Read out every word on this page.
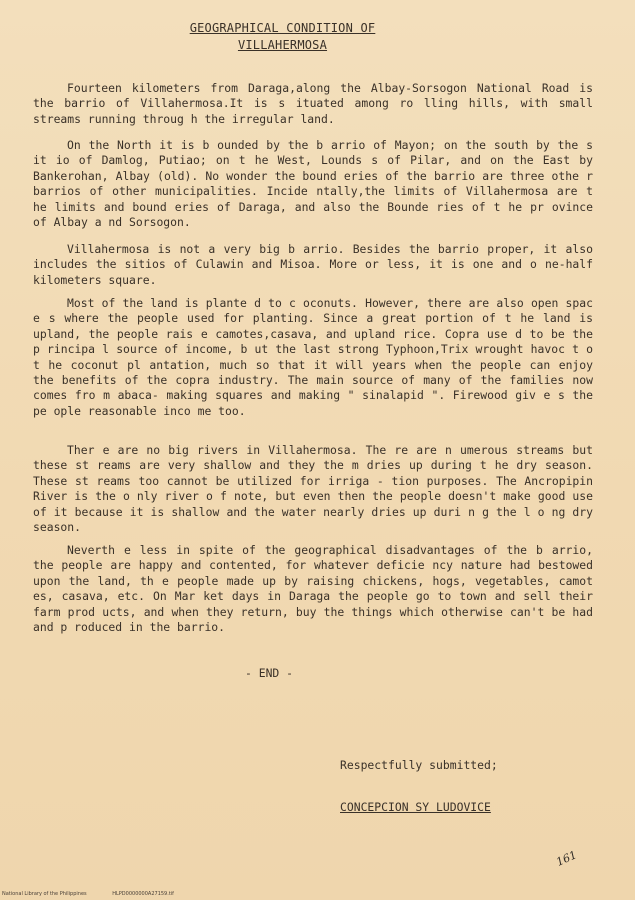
GEOGRAPHICAL CONDITION OF
VILLAHERMOSA

Fourteen kilometers from Daraga,along the Albay-Sorsogon National Road is the barrio of Villahermosa.It is s ituated among ro lling hills, with small streams running throug h the irregular land.

On the North it is b ounded by the b arrio of Mayon; on the south by the s it io of Damlog, Putiao; on t he West, Lounds s of Pilar, and on the East by Bankerohan, Albay (old). No wonder the bound eries of the barrio are three othe r barrios of other municipalities. Incide ntally,the limits of Villahermosa are t he limits and bound eries of Daraga, and also the Bounde ries of t he pr ovince of Albay a nd Sorsogon.

Villahermosa is not a very big b arrio. Besides the barrio proper, it also includes the sitios of Culawin and Misoa. More or less, it is one and o ne-half kilometers square.

Most of the land is plante d to c oconuts. However, there are also open spac e s where the people used for planting. Since a great portion of t he land is upland, the people rais e camotes,casava, and upland rice. Copra use d to be the p rincipa l source of income, b ut the last strong Typhoon,Trix wrought havoc t o t he coconut pl antation, much so that it will years when the people can enjoy the benefits of the copra industry. The main source of many of the families now comes fro m abaca- making squares and making " sinalapid ". Firewood giv e s the pe ople reasonable inco me too.

Ther e are no big rivers in Villahermosa. The re are n umerous streams but these st reams are very shallow and they the m dries up during t he dry season. These st reams too cannot be utilized for irriga - tion purposes. The Ancropipin River is the o nly river o f note, but even then the people doesn't make good use of it because it is shallow and the water nearly dries up duri n g the l o ng dry season.

Neverth e less in spite of the geographical disadvantages of the b arrio, the people are happy and contented, for whatever deficie ncy nature had bestowed upon the land, th e people made up by raising chickens, hogs, vegetables, camot es, casava, etc. On Mar ket days in Daraga the people go to town and sell their farm prod ucts, and when they return, buy the things which otherwise can't be had and p roduced in the barrio.

- END -
Respectfully submitted;
CONCEPCION SY LUDOVICE
161
National Library of the Philippines	HLPD0000000A27159.tif
